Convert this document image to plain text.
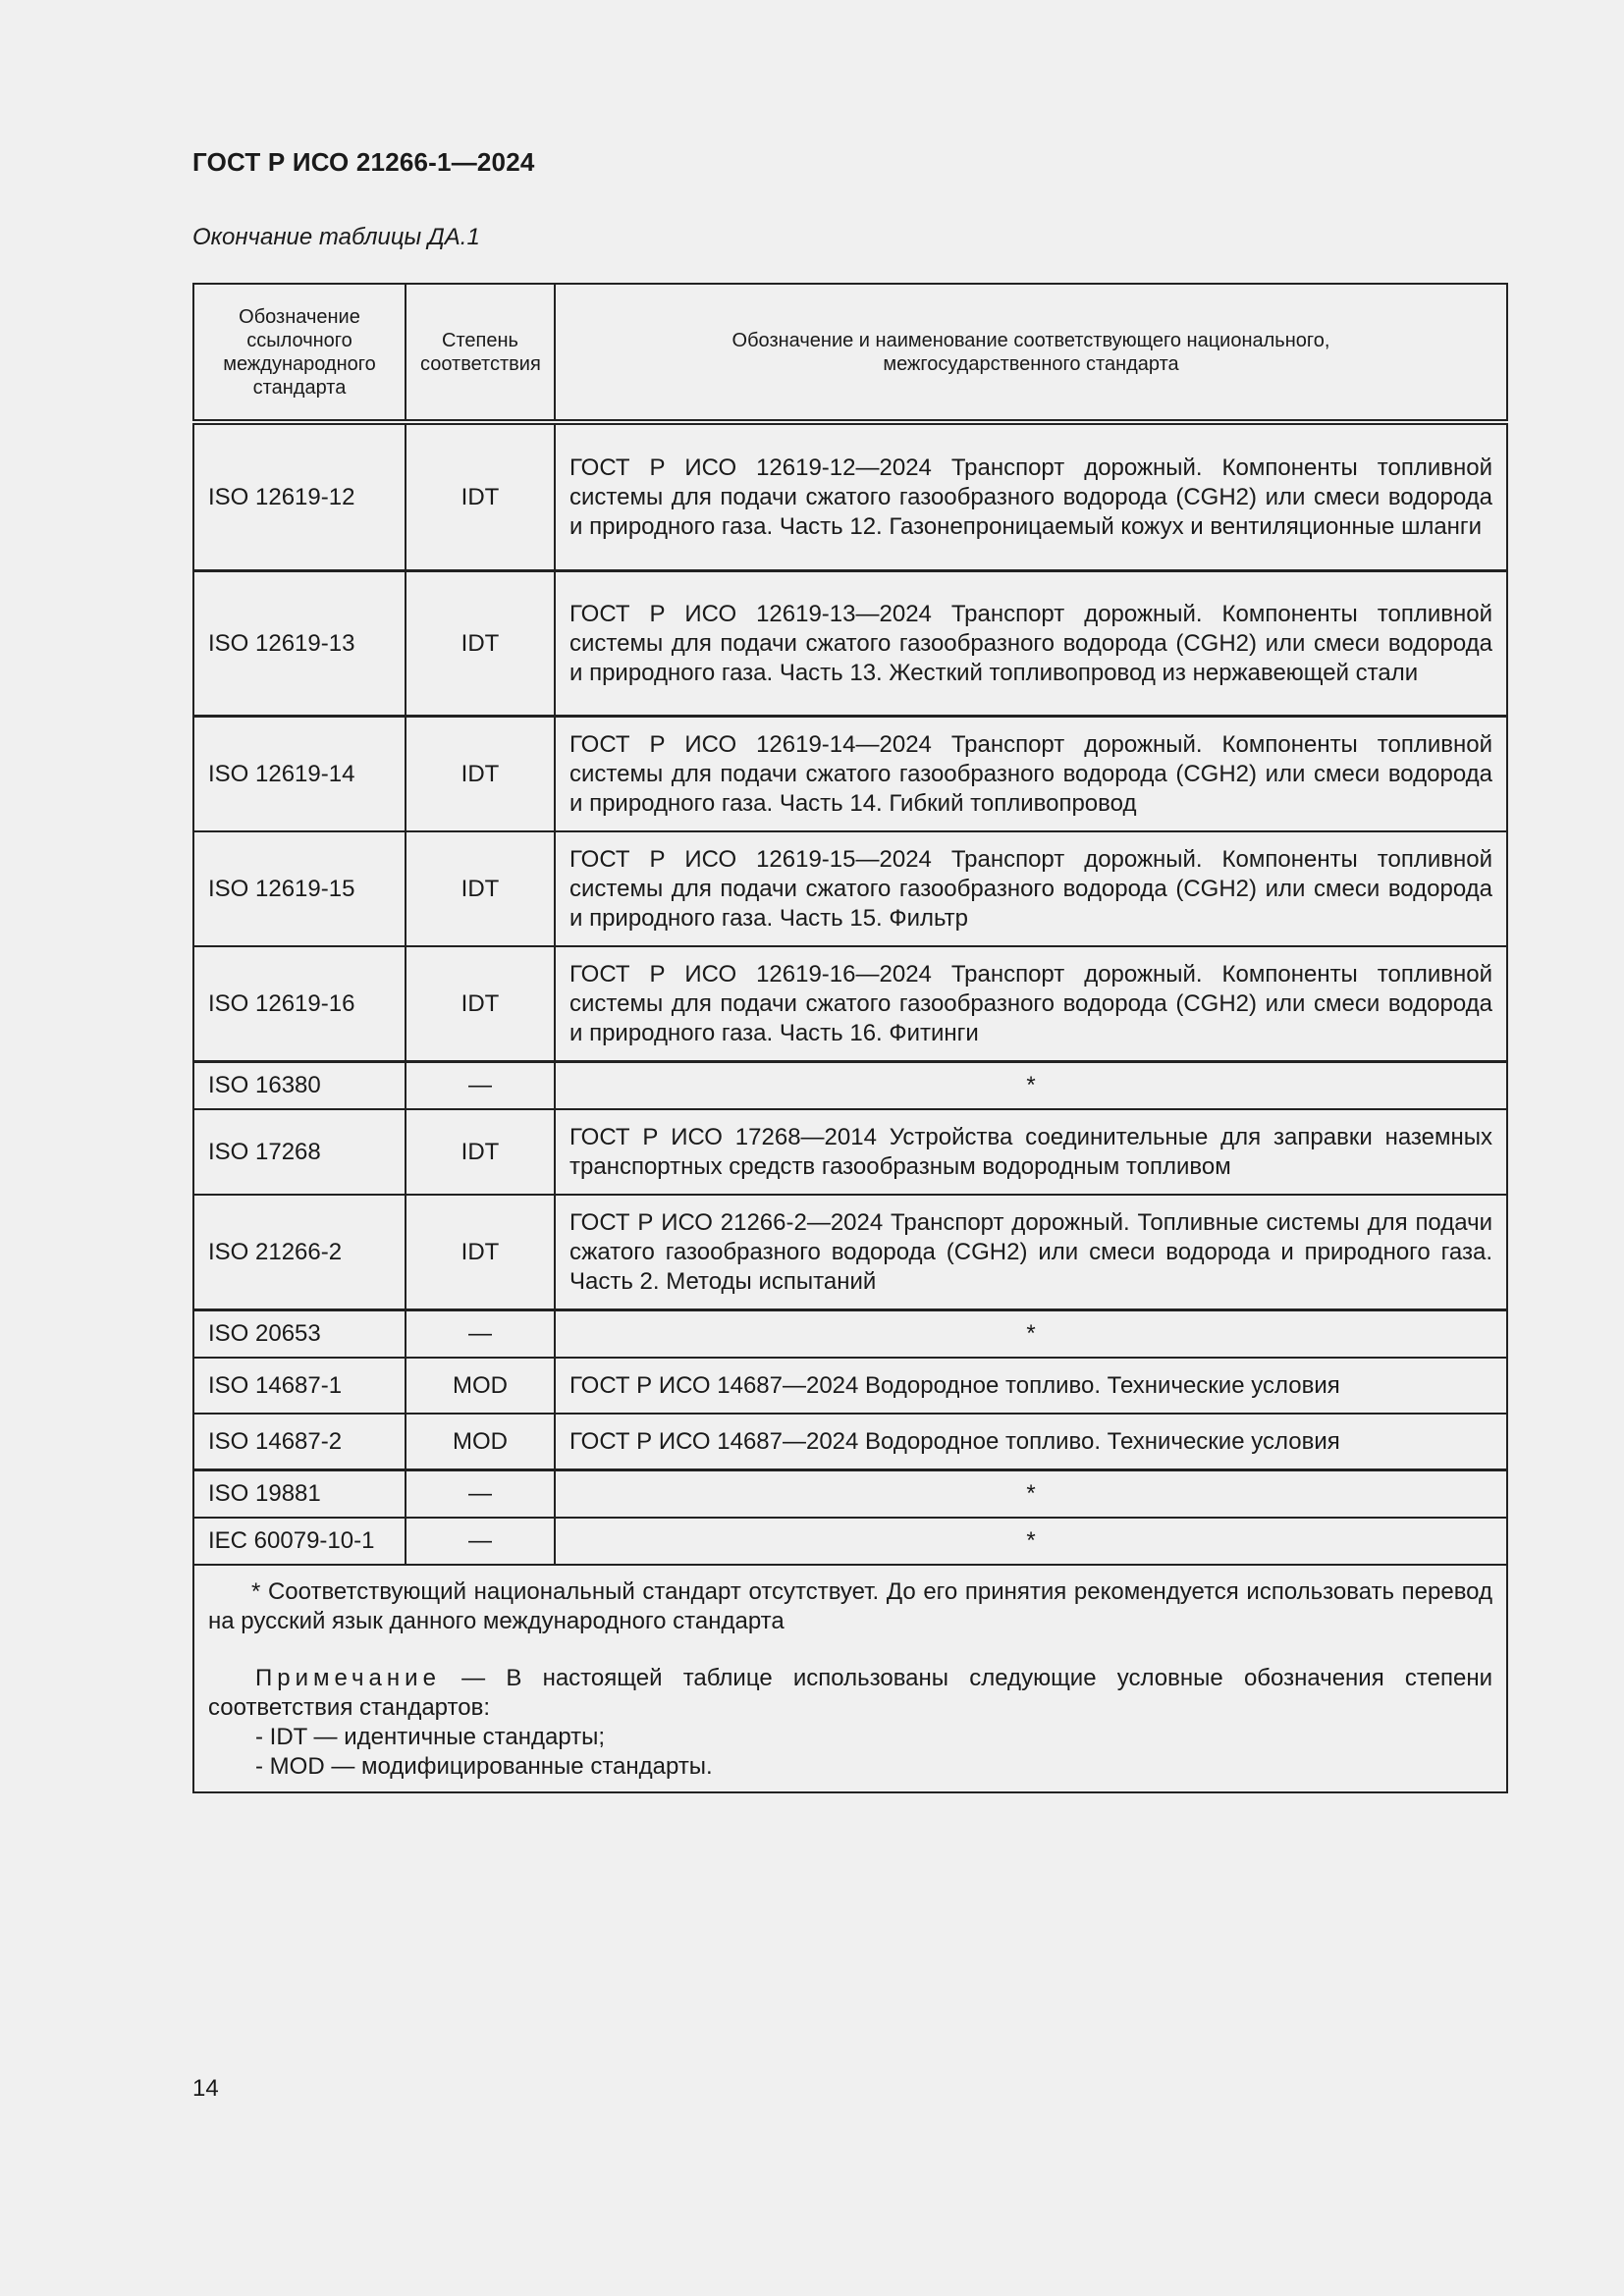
ГОСТ Р ИСО 21266-1—2024
Окончание таблицы ДА.1
Обозначение ссылочного международного стандарта	Степень соответствия	Обозначение и наименование соответствующего национального, межгосударственного стандарта
ISO 12619-12	IDT	ГОСТ Р ИСО 12619-12—2024 Транспорт дорожный. Компоненты топливной системы для подачи сжатого газообразного водорода (CGH2) или смеси водорода и природного газа. Часть 12. Газонепроницаемый кожух и вентиляционные шланги
ISO 12619-13	IDT	ГОСТ Р ИСО 12619-13—2024 Транспорт дорожный. Компоненты топливной системы для подачи сжатого газообразного водорода (CGH2) или смеси водорода и природного газа. Часть 13. Жесткий топливопровод из нержавеющей стали
ISO 12619-14	IDT	ГОСТ Р ИСО 12619-14—2024 Транспорт дорожный. Компоненты топливной системы для подачи сжатого газообразного водорода (CGH2) или смеси водорода и природного газа. Часть 14. Гибкий топливопровод
ISO 12619-15	IDT	ГОСТ Р ИСО 12619-15—2024 Транспорт дорожный. Компоненты топливной системы для подачи сжатого газообразного водорода (CGH2) или смеси водорода и природного газа. Часть 15. Фильтр
ISO 12619-16	IDT	ГОСТ Р ИСО 12619-16—2024 Транспорт дорожный. Компоненты топливной системы для подачи сжатого газообразного водорода (CGH2) или смеси водорода и природного газа. Часть 16. Фитинги
ISO 16380	—	*
ISO 17268	IDT	ГОСТ Р ИСО 17268—2014 Устройства соединительные для заправки наземных транспортных средств газообразным водородным топливом
ISO 21266-2	IDT	ГОСТ Р ИСО 21266-2—2024 Транспорт дорожный. Топливные системы для подачи сжатого газообразного водорода (CGH2) или смеси водорода и природного газа. Часть 2. Методы испытаний
ISO 20653	—	*
ISO 14687-1	MOD	ГОСТ Р ИСО 14687—2024 Водородное топливо. Технические условия
ISO 14687-2	MOD	ГОСТ Р ИСО 14687—2024 Водородное топливо. Технические условия
ISO 19881	—	*
IEC 60079-10-1	—	*

* Соответствующий национальный стандарт отсутствует. До его принятия рекомендуется использовать перевод на русский язык данного международного стандарта

Примечание — В настоящей таблице использованы следующие условные обозначения степени соответствия стандартов:

- IDT — идентичные стандарты;

- MOD — модифицированные стандарты.		

14
